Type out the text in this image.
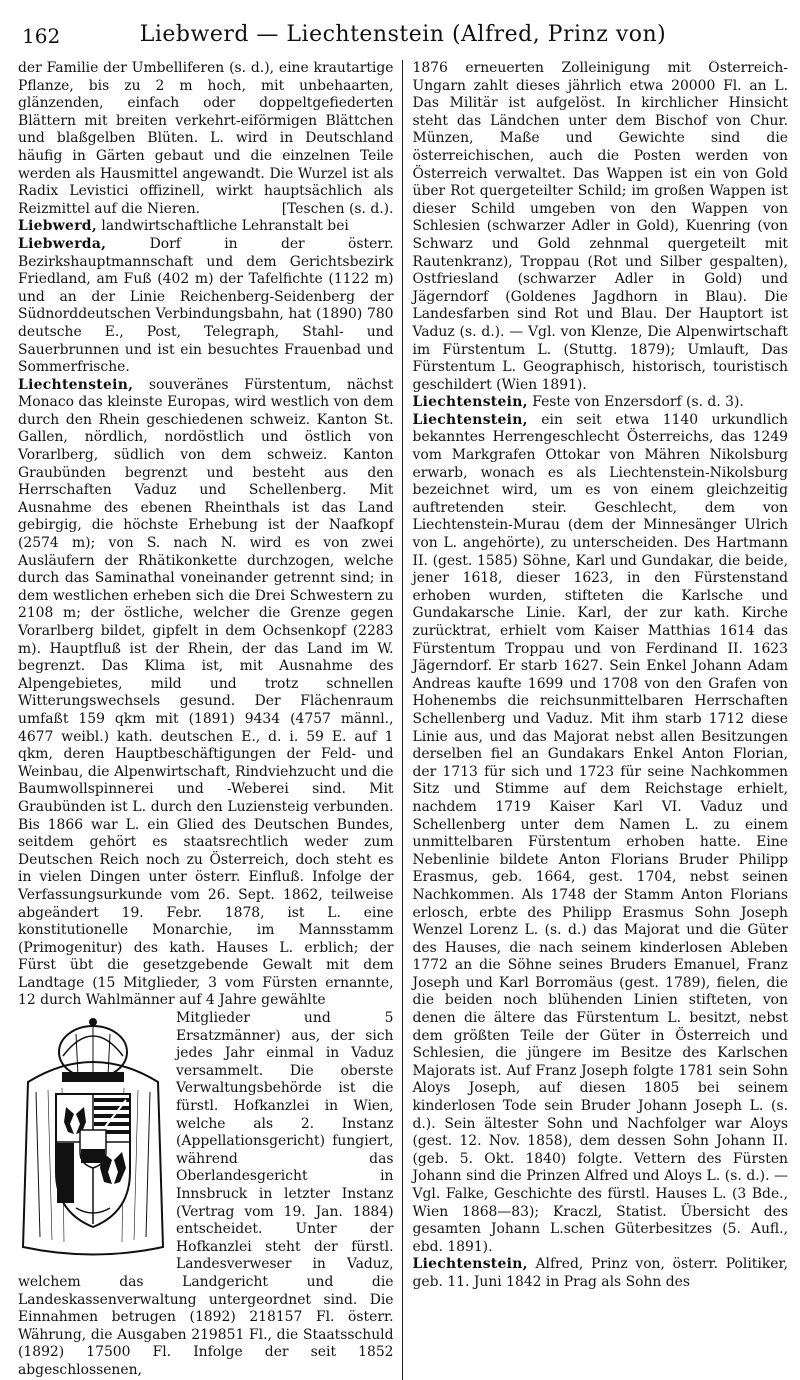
162	Liebwerd — Liechtenstein (Alfred, Prinz von)

der Familie der Umbelliferen (s. d.), eine krautartige Pflanze, bis zu 2 m hoch, mit unbehaarten, glänzenden, einfach oder doppeltgefiederten Blättern mit breiten verkehrt-eiförmigen Blättchen und blaßgelben Blüten. L. wird in Deutschland häufig in Gärten gebaut und die einzelnen Teile werden als Hausmittel angewandt. Die Wurzel ist als Radix Levistici offizinell, wirkt hauptsächlich als Reizmittel auf die Nieren.	[Teschen (s. d.).

Liebwerd, landwirtschaftliche Lehranstalt bei

Liebwerda, Dorf in der österr. Bezirkshauptmannschaft und dem Gerichtsbezirk Friedland, am Fuß (402 m) der Tafelfichte (1122 m) und an der Linie Reichenberg-Seidenberg der Südnorddeutschen Verbindungsbahn, hat (1890) 780 deutsche E., Post, Telegraph, Stahl- und Sauerbrunnen und ist ein besuchtes Frauenbad und Sommerfrische.

Liechtenstein, souveränes Fürstentum, nächst Monaco das kleinste Europas, wird westlich von dem durch den Rhein geschiedenen schweiz. Kanton St. Gallen, nördlich, nordöstlich und östlich von Vorarlberg, südlich von dem schweiz. Kanton Graubünden begrenzt und besteht aus den Herrschaften Vaduz und Schellenberg. Mit Ausnahme des ebenen Rheinthals ist das Land gebirgig, die höchste Erhebung ist der Naafkopf (2574 m); von S. nach N. wird es von zwei Ausläufern der Rhätikonkette durchzogen, welche durch das Saminathal voneinander getrennt sind; in dem westlichen erheben sich die Drei Schwestern zu 2108 m; der östliche, welcher die Grenze gegen Vorarlberg bildet, gipfelt in dem Ochsenkopf (2283 m). Hauptfluß ist der Rhein, der das Land im W. begrenzt. Das Klima ist, mit Ausnahme des Alpengebietes, mild und trotz schnellen Witterungswechsels gesund. Der Flächenraum umfaßt 159 qkm mit (1891) 9434 (4757 männl., 4677 weibl.) kath. deutschen E., d. i. 59 E. auf 1 qkm, deren Hauptbeschäftigungen der Feld- und Weinbau, die Alpenwirtschaft, Rindviehzucht und die Baumwollspinnerei und -Weberei sind. Mit Graubünden ist L. durch den Luziensteig verbunden. Bis 1866 war L. ein Glied des Deutschen Bundes, seitdem gehört es staatsrechtlich weder zum Deutschen Reich noch zu Österreich, doch steht es in vielen Dingen unter österr. Einfluß. Infolge der Verfassungsurkunde vom 26. Sept. 1862, teilweise abgeändert 19. Febr. 1878, ist L. eine konstitutionelle Monarchie, im Mannsstamm (Primogenitur) des kath. Hauses L. erblich; der Fürst übt die gesetzgebende Gewalt mit dem Landtage (15 Mitglieder, 3 vom Fürsten ernannte, 12 durch Wahlmänner auf 4 Jahre gewählte

Mitglieder und 5 Ersatzmänner) aus, der sich jedes Jahr einmal in Vaduz versammelt. Die oberste Verwaltungsbehörde ist die fürstl. Hofkanzlei in Wien, welche als 2. Instanz (Appellationsgericht) fungiert, während das Oberlandesgericht in Innsbruck in letzter Instanz (Vertrag vom 19. Jan. 1884) entscheidet. Unter der Hofkanzlei steht der fürstl. Landesverweser in Vaduz, welchem das Landgericht und die Landeskassenverwaltung untergeordnet sind. Die Einnahmen betrugen (1892) 218157 Fl. österr. Währung, die Ausgaben 219851 Fl., die Staatsschuld (1892) 17500 Fl. Infolge der seit 1852 abgeschlossenen,

1876 erneuerten Zolleinigung mit Österreich-Ungarn zahlt dieses jährlich etwa 20000 Fl. an L. Das Militär ist aufgelöst. In kirchlicher Hinsicht steht das Ländchen unter dem Bischof von Chur. Münzen, Maße und Gewichte sind die österreichischen, auch die Posten werden von Österreich verwaltet. Das Wappen ist ein von Gold über Rot quergeteilter Schild; im großen Wappen ist dieser Schild umgeben von den Wappen von Schlesien (schwarzer Adler in Gold), Kuenring (von Schwarz und Gold zehnmal quergeteilt mit Rautenkranz), Troppau (Rot und Silber gespalten), Ostfriesland (schwarzer Adler in Gold) und Jägerndorf (Goldenes Jagdhorn in Blau). Die Landesfarben sind Rot und Blau. Der Hauptort ist Vaduz (s. d.). — Vgl. von Klenze, Die Alpenwirtschaft im Fürstentum L. (Stuttg. 1879); Umlauft, Das Fürstentum L. Geographisch, historisch, touristisch geschildert (Wien 1891).

Liechtenstein, Feste von Enzersdorf (s. d. 3).

Liechtenstein, ein seit etwa 1140 urkundlich bekanntes Herrengeschlecht Österreichs, das 1249 vom Markgrafen Ottokar von Mähren Nikolsburg erwarb, wonach es als Liechtenstein-Nikolsburg bezeichnet wird, um es von einem gleichzeitig auftretenden steir. Geschlecht, dem von Liechtenstein-Murau (dem der Minnesänger Ulrich von L. angehörte), zu unterscheiden. Des Hartmann II. (gest. 1585) Söhne, Karl und Gundakar, die beide, jener 1618, dieser 1623, in den Fürstenstand erhoben wurden, stifteten die Karlsche und Gundakarsche Linie. Karl, der zur kath. Kirche zurücktrat, erhielt vom Kaiser Matthias 1614 das Fürstentum Troppau und von Ferdinand II. 1623 Jägerndorf. Er starb 1627. Sein Enkel Johann Adam Andreas kaufte 1699 und 1708 von den Grafen von Hohenembs die reichsunmittelbaren Herrschaften Schellenberg und Vaduz. Mit ihm starb 1712 diese Linie aus, und das Majorat nebst allen Besitzungen derselben fiel an Gundakars Enkel Anton Florian, der 1713 für sich und 1723 für seine Nachkommen Sitz und Stimme auf dem Reichstage erhielt, nachdem 1719 Kaiser Karl VI. Vaduz und Schellenberg unter dem Namen L. zu einem unmittelbaren Fürstentum erhoben hatte. Eine Nebenlinie bildete Anton Florians Bruder Philipp Erasmus, geb. 1664, gest. 1704, nebst seinen Nachkommen. Als 1748 der Stamm Anton Florians erlosch, erbte des Philipp Erasmus Sohn Joseph Wenzel Lorenz L. (s. d.) das Majorat und die Güter des Hauses, die nach seinem kinderlosen Ableben 1772 an die Söhne seines Bruders Emanuel, Franz Joseph und Karl Borromäus (gest. 1789), fielen, die die beiden noch blühenden Linien stifteten, von denen die ältere das Fürstentum L. besitzt, nebst dem größten Teile der Güter in Österreich und Schlesien, die jüngere im Besitze des Karlschen Majorats ist. Auf Franz Joseph folgte 1781 sein Sohn Aloys Joseph, auf diesen 1805 bei seinem kinderlosen Tode sein Bruder Johann Joseph L. (s. d.). Sein ältester Sohn und Nachfolger war Aloys (gest. 12. Nov. 1858), dem dessen Sohn Johann II. (geb. 5. Okt. 1840) folgte. Vettern des Fürsten Johann sind die Prinzen Alfred und Aloys L. (s. d.). — Vgl. Falke, Geschichte des fürstl. Hauses L. (3 Bde., Wien 1868—83); Kraczl, Statist. Übersicht des gesamten Johann L.schen Güterbesitzes (5. Aufl., ebd. 1891).

Liechtenstein, Alfred, Prinz von, österr. Politiker, geb. 11. Juni 1842 in Prag als Sohn des
